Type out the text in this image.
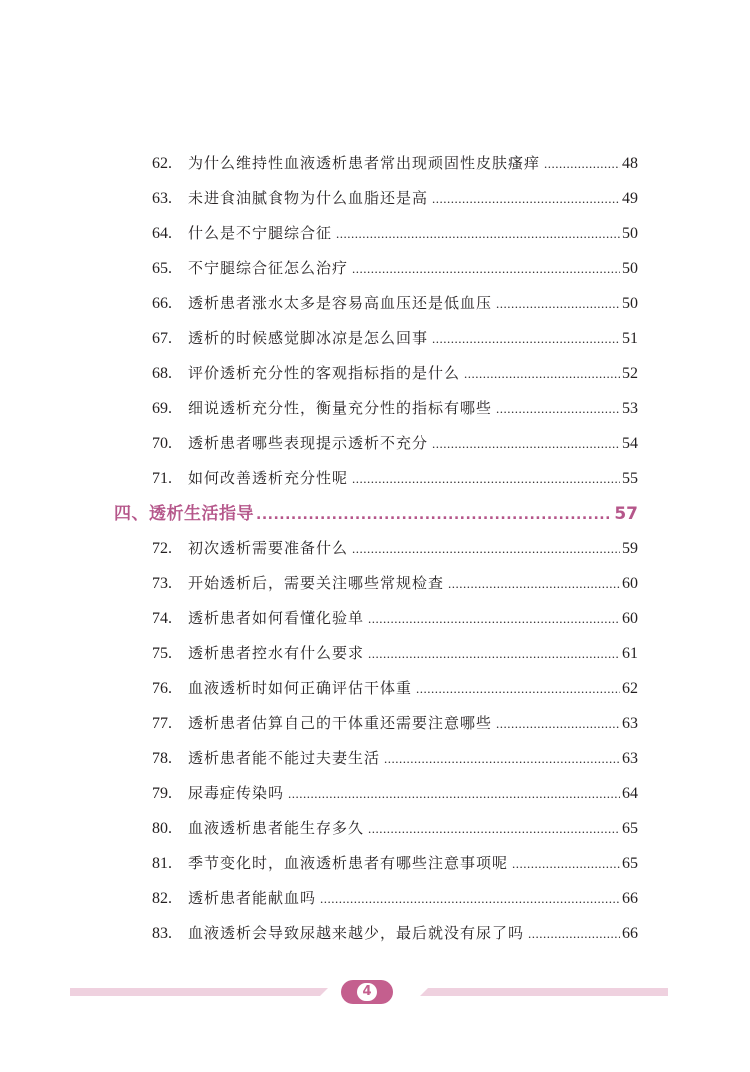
62.	为什么维持性血液透析患者常出现顽固性皮肤瘙痒 .....	48
63.	未进食油腻食物为什么血脂还是高 .....	49
64.	什么是不宁腿综合征 .....	50
65.	不宁腿综合征怎么治疗 .....	50
66.	透析患者涨水太多是容易高血压还是低血压 .....	50
67.	透析的时候感觉脚冰凉是怎么回事 .....	51
68.	评价透析充分性的客观指标指的是什么 .....	52
69.	细说透析充分性，衡量充分性的指标有哪些 .....	53
70.	透析患者哪些表现提示透析不充分 .....	54
71.	如何改善透析充分性呢 .....	55
四、透析生活指导 .....	57
72.	初次透析需要准备什么 .....	59
73.	开始透析后，需要关注哪些常规检查 .....	60
74.	透析患者如何看懂化验单 .....	60
75.	透析患者控水有什么要求 .....	61
76.	血液透析时如何正确评估干体重 .....	62
77.	透析患者估算自己的干体重还需要注意哪些 .....	63
78.	透析患者能不能过夫妻生活 .....	63
79.	尿毒症传染吗 .....	64
80.	血液透析患者能生存多久 .....	65
81.	季节变化时，血液透析患者有哪些注意事项呢 .....	65
82.	透析患者能献血吗 .....	66
83.	血液透析会导致尿越来越少，最后就没有尿了吗 .....	66
4
